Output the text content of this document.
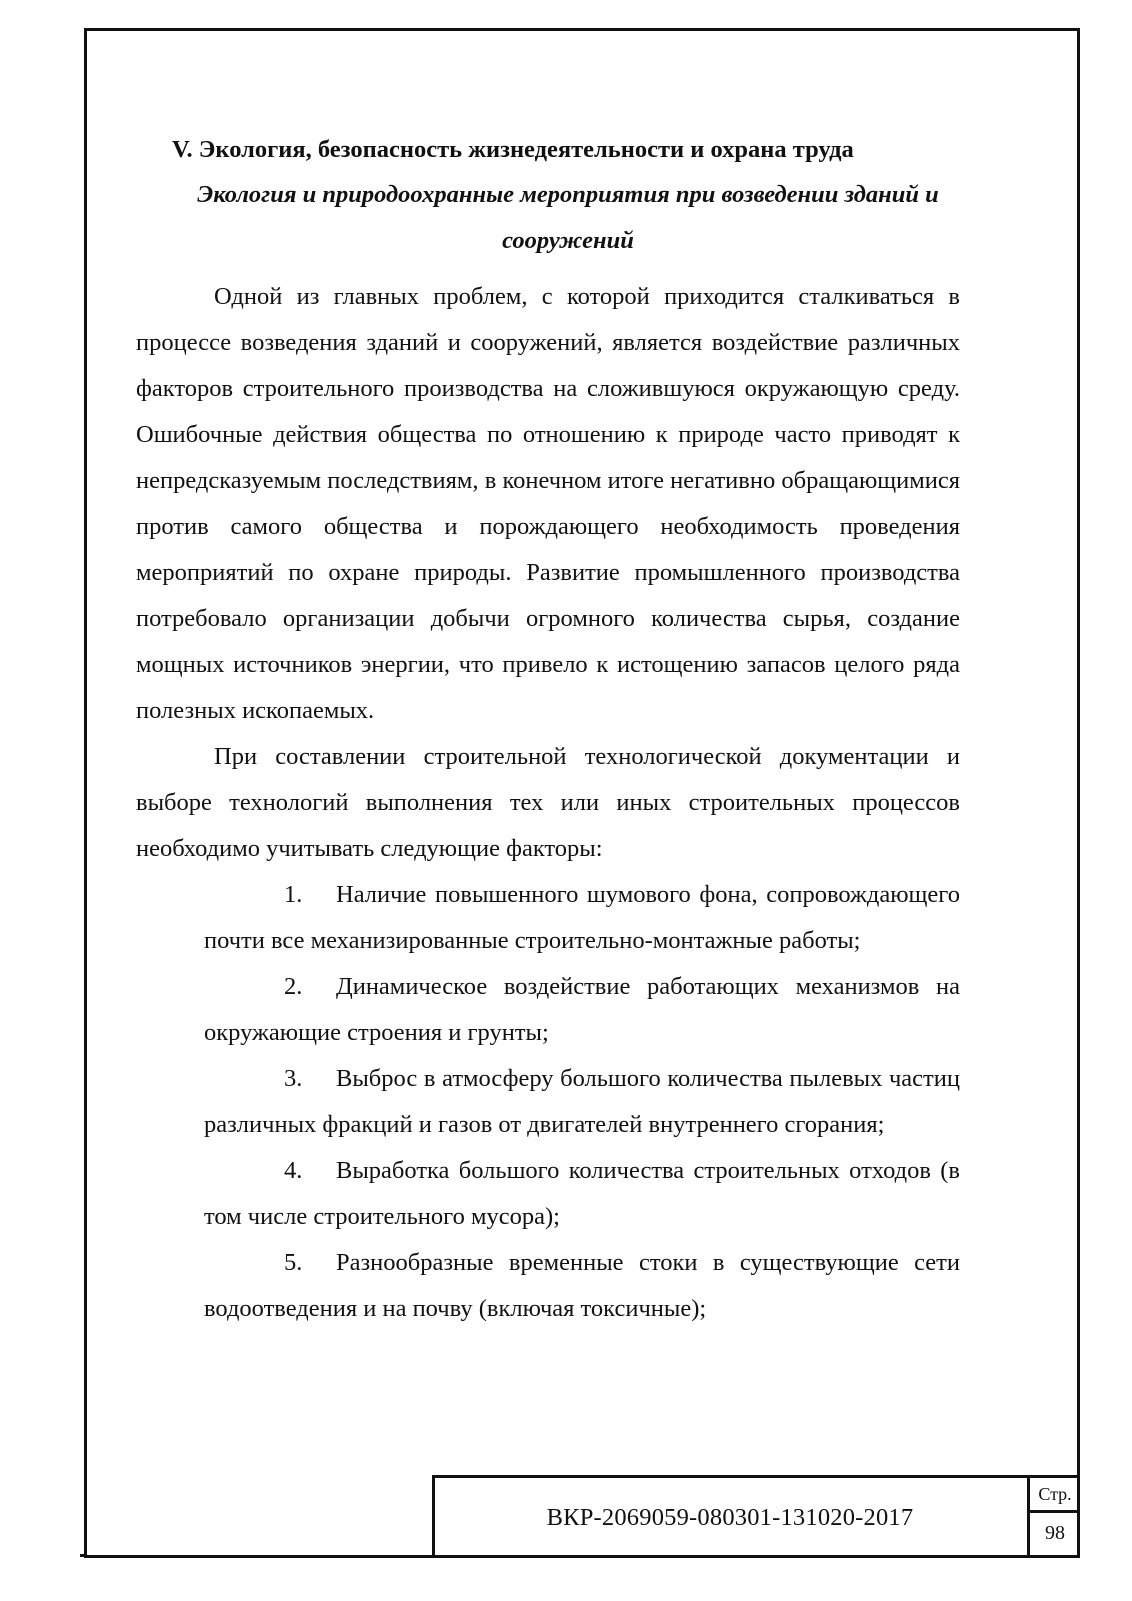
V. Экология, безопасность жизнедеятельности и охрана труда
Экология и природоохранные мероприятия при возведении зданий и сооружений

Одной из главных проблем, с которой приходится сталкиваться в процессе возведения зданий и сооружений, является воздействие различных факторов строительного производства на сложившуюся окружающую среду. Ошибочные действия общества по отношению к природе часто приводят к непредсказуемым последствиям, в конечном итоге негативно обращающимися против самого общества и порождающего необходимость проведения мероприятий по охране природы. Развитие промышленного производства потребовало организации добычи огромного количества сырья, создание мощных источников энергии, что привело к истощению запасов целого ряда полезных ископаемых.

При составлении строительной технологической документации и выборе технологий выполнения тех или иных строительных процессов необходимо учитывать следующие факторы:

1. Наличие повышенного шумового фона, сопровождающего почти все механизированные строительно-монтажные работы;
2. Динамическое воздействие работающих механизмов на окружающие строения и грунты;
3. Выброс в атмосферу большого количества пылевых частиц различных фракций и газов от двигателей внутреннего сгорания;
4. Выработка большого количества строительных отходов (в том числе строительного мусора);
5. Разнообразные временные стоки в существующие сети водоотведения и на почву (включая токсичные);
ВКР-2069059-080301-131020-2017
Стр.
98
